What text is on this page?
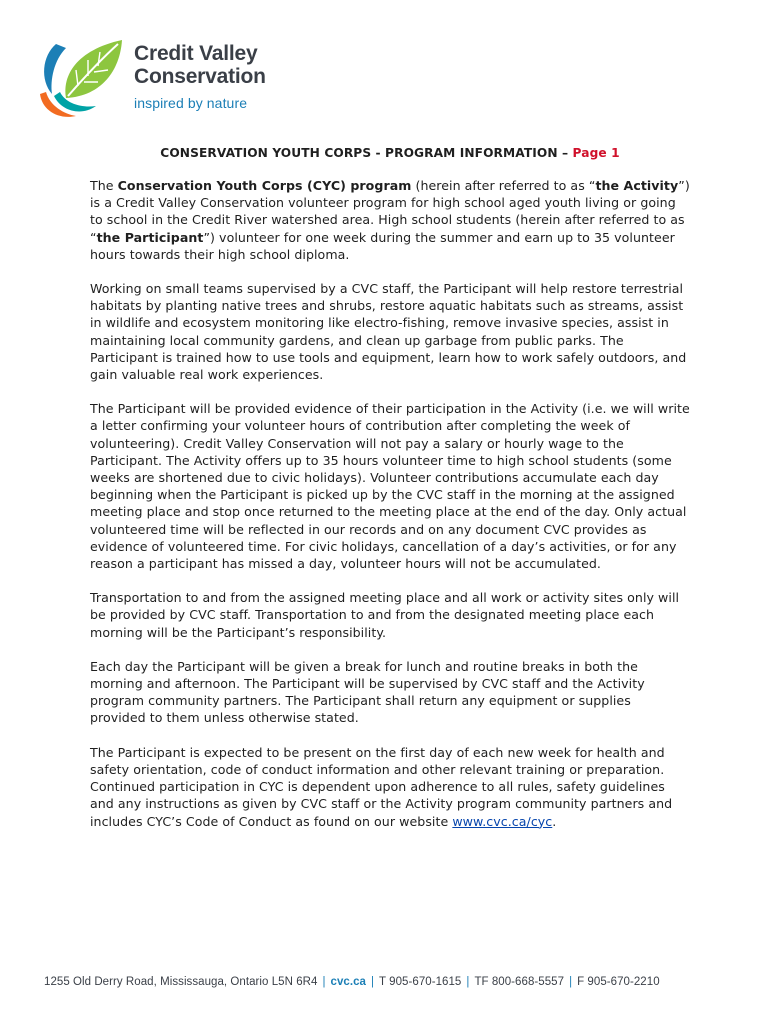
Credit Valley
Conservation
inspired by nature
CONSERVATION YOUTH CORPS - PROGRAM INFORMATION – Page 1

The Conservation Youth Corps (CYC) program (herein after referred to as “the Activity”) is a Credit Valley Conservation volunteer program for high school aged youth living or going to school in the Credit River watershed area. High school students (herein after referred to as “the Participant”) volunteer for one week during the summer and earn up to 35 volunteer hours towards their high school diploma.

Working on small teams supervised by a CVC staff, the Participant will help restore terrestrial habitats by planting native trees and shrubs, restore aquatic habitats such as streams, assist in wildlife and ecosystem monitoring like electro-fishing, remove invasive species, assist in maintaining local community gardens, and clean up garbage from public parks. The Participant is trained how to use tools and equipment, learn how to work safely outdoors, and gain valuable real work experiences.

The Participant will be provided evidence of their participation in the Activity (i.e. we will write a letter confirming your volunteer hours of contribution after completing the week of volunteering). Credit Valley Conservation will not pay a salary or hourly wage to the Participant. The Activity offers up to 35 hours volunteer time to high school students (some weeks are shortened due to civic holidays). Volunteer contributions accumulate each day beginning when the Participant is picked up by the CVC staff in the morning at the assigned meeting place and stop once returned to the meeting place at the end of the day. Only actual volunteered time will be reflected in our records and on any document CVC provides as evidence of volunteered time. For civic holidays, cancellation of a day’s activities, or for any reason a participant has missed a day, volunteer hours will not be accumulated.

Transportation to and from the assigned meeting place and all work or activity sites only will be provided by CVC staff. Transportation to and from the designated meeting place each morning will be the Participant’s responsibility.

Each day the Participant will be given a break for lunch and routine breaks in both the morning and afternoon. The Participant will be supervised by CVC staff and the Activity program community partners. The Participant shall return any equipment or supplies provided to them unless otherwise stated.

The Participant is expected to be present on the first day of each new week for health and safety orientation, code of conduct information and other relevant training or preparation. Continued participation in CYC is dependent upon adherence to all rules, safety guidelines and any instructions as given by CVC staff or the Activity program community partners and includes CYC’s Code of Conduct as found on our website www.cvc.ca/cyc.

1255 Old Derry Road, Mississauga, Ontario L5N 6R4 | cvc.ca | T 905-670-1615 | TF 800-668-5557 | F 905-670-2210
